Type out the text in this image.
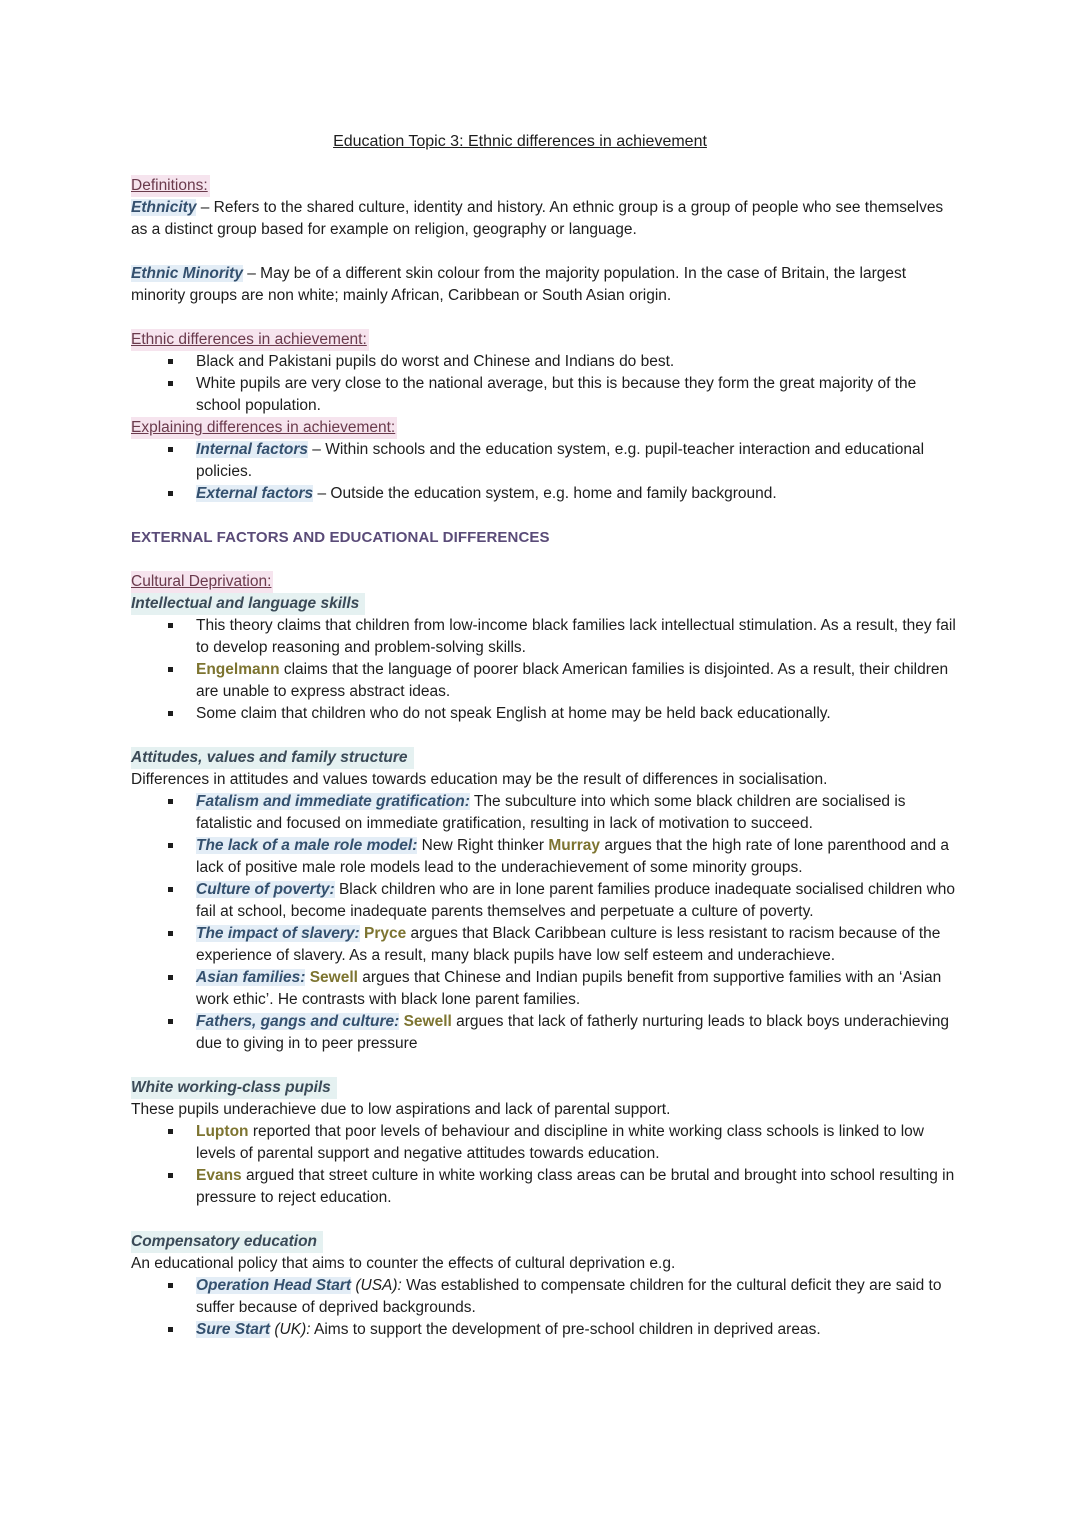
Education Topic 3: Ethnic differences in achievement
Definitions:

Ethnicity – Refers to the shared culture, identity and history. An ethnic group is a group of people who see themselves as a distinct group based for example on religion, geography or language.

Ethnic Minority – May be of a different skin colour from the majority population. In the case of Britain, the largest minority groups are non white; mainly African, Caribbean or South Asian origin.

Ethnic differences in achievement:
Black and Pakistani pupils do worst and Chinese and Indians do best.
White pupils are very close to the national average, but this is because they form the great majority of the school population.
Explaining differences in achievement:
Internal factors – Within schools and the education system, e.g. pupil-teacher interaction and educational policies.
External factors – Outside the education system, e.g. home and family background.
EXTERNAL FACTORS AND EDUCATIONAL DIFFERENCES
Cultural Deprivation:
Intellectual and language skills
This theory claims that children from low-income black families lack intellectual stimulation. As a result, they fail to develop reasoning and problem-solving skills.
Engelmann claims that the language of poorer black American families is disjointed. As a result, their children are unable to express abstract ideas.
Some claim that children who do not speak English at home may be held back educationally.
Attitudes, values and family structure

Differences in attitudes and values towards education may be the result of differences in socialisation.

Fatalism and immediate gratification: The subculture into which some black children are socialised is fatalistic and focused on immediate gratification, resulting in lack of motivation to succeed.
The lack of a male role model: New Right thinker Murray argues that the high rate of lone parenthood and a lack of positive male role models lead to the underachievement of some minority groups.
Culture of poverty: Black children who are in lone parent families produce inadequate socialised children who fail at school, become inadequate parents themselves and perpetuate a culture of poverty.
The impact of slavery: Pryce argues that Black Caribbean culture is less resistant to racism because of the experience of slavery. As a result, many black pupils have low self esteem and underachieve.
Asian families: Sewell argues that Chinese and Indian pupils benefit from supportive families with an ‘Asian work ethic’. He contrasts with black lone parent families.
Fathers, gangs and culture: Sewell argues that lack of fatherly nurturing leads to black boys underachieving due to giving in to peer pressure
White working-class pupils

These pupils underachieve due to low aspirations and lack of parental support.

Lupton reported that poor levels of behaviour and discipline in white working class schools is linked to low levels of parental support and negative attitudes towards education.
Evans argued that street culture in white working class areas can be brutal and brought into school resulting in pressure to reject education.
Compensatory education

An educational policy that aims to counter the effects of cultural deprivation e.g.

Operation Head Start (USA): Was established to compensate children for the cultural deficit they are said to suffer because of deprived backgrounds.
Sure Start (UK): Aims to support the development of pre-school children in deprived areas.
